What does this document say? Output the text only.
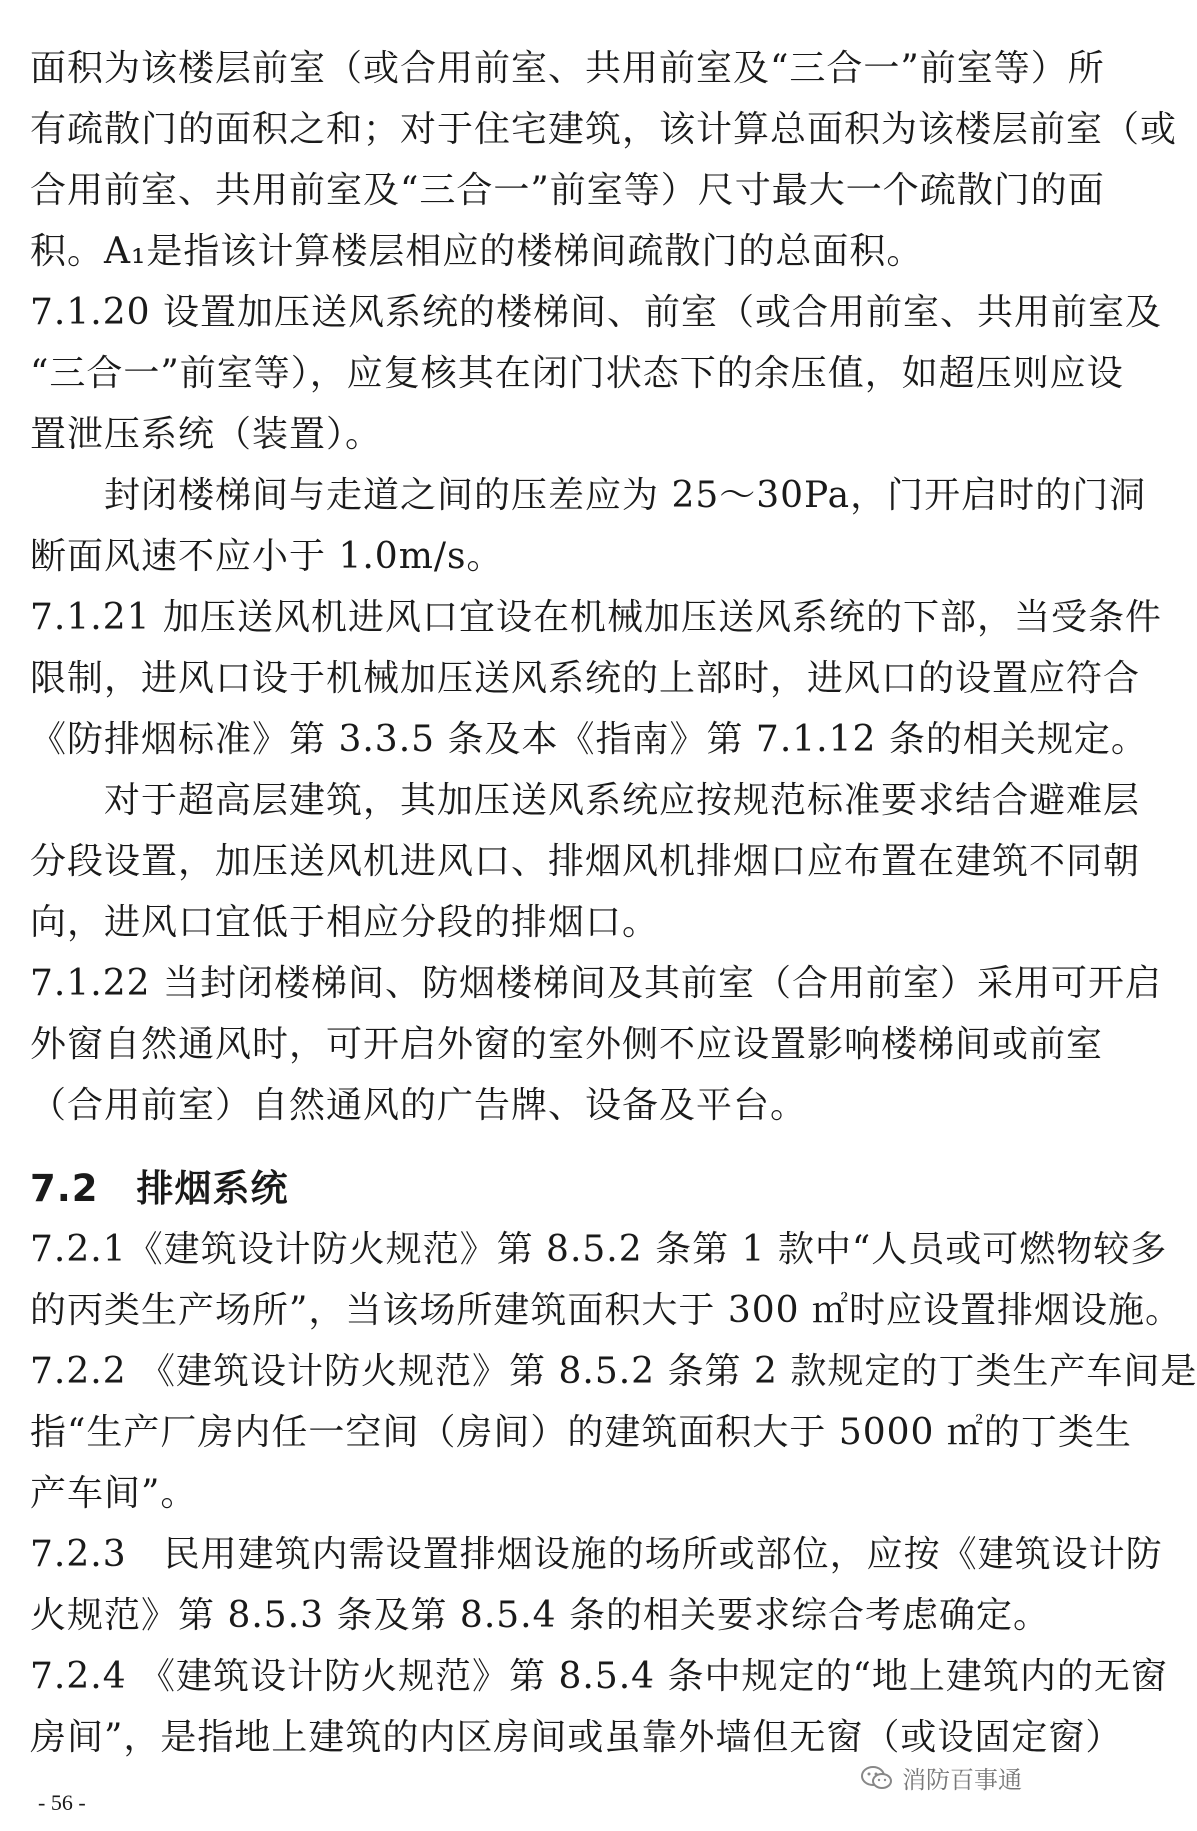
面积为该楼层前室（或合用前室、共用前室及“三合一”前室等）所
有疏散门的面积之和；对于住宅建筑，该计算总面积为该楼层前室（或
合用前室、共用前室及“三合一”前室等）尺寸最大一个疏散门的面
积。A₁是指该计算楼层相应的楼梯间疏散门的总面积。
7.1.20 设置加压送风系统的楼梯间、前室（或合用前室、共用前室及
“三合一”前室等），应复核其在闭门状态下的余压值，如超压则应设
置泄压系统（装置）。
　　封闭楼梯间与走道之间的压差应为 25～30Pa，门开启时的门洞
断面风速不应小于 1.0m/s。
7.1.21 加压送风机进风口宜设在机械加压送风系统的下部，当受条件
限制，进风口设于机械加压送风系统的上部时，进风口的设置应符合
《防排烟标准》第 3.3.5 条及本《指南》第 7.1.12 条的相关规定。
　　对于超高层建筑，其加压送风系统应按规范标准要求结合避难层
分段设置，加压送风机进风口、排烟风机排烟口应布置在建筑不同朝
向，进风口宜低于相应分段的排烟口。
7.1.22 当封闭楼梯间、防烟楼梯间及其前室（合用前室）采用可开启
外窗自然通风时，可开启外窗的室外侧不应设置影响楼梯间或前室
（合用前室）自然通风的广告牌、设备及平台。
7.2　排烟系统
7.2.1《建筑设计防火规范》第 8.5.2 条第 1 款中“人员或可燃物较多
的丙类生产场所”，当该场所建筑面积大于 300 ㎡时应设置排烟设施。
7.2.2 《建筑设计防火规范》第 8.5.2 条第 2 款规定的丁类生产车间是
指“生产厂房内任一空间（房间）的建筑面积大于 5000 ㎡的丁类生
产车间”。
7.2.3　民用建筑内需设置排烟设施的场所或部位，应按《建筑设计防
火规范》第 8.5.3 条及第 8.5.4 条的相关要求综合考虑确定。
7.2.4 《建筑设计防火规范》第 8.5.4 条中规定的“地上建筑内的无窗
房间”，是指地上建筑的内区房间或虽靠外墙但无窗（或设固定窗）
- 56 -
消防百事通
